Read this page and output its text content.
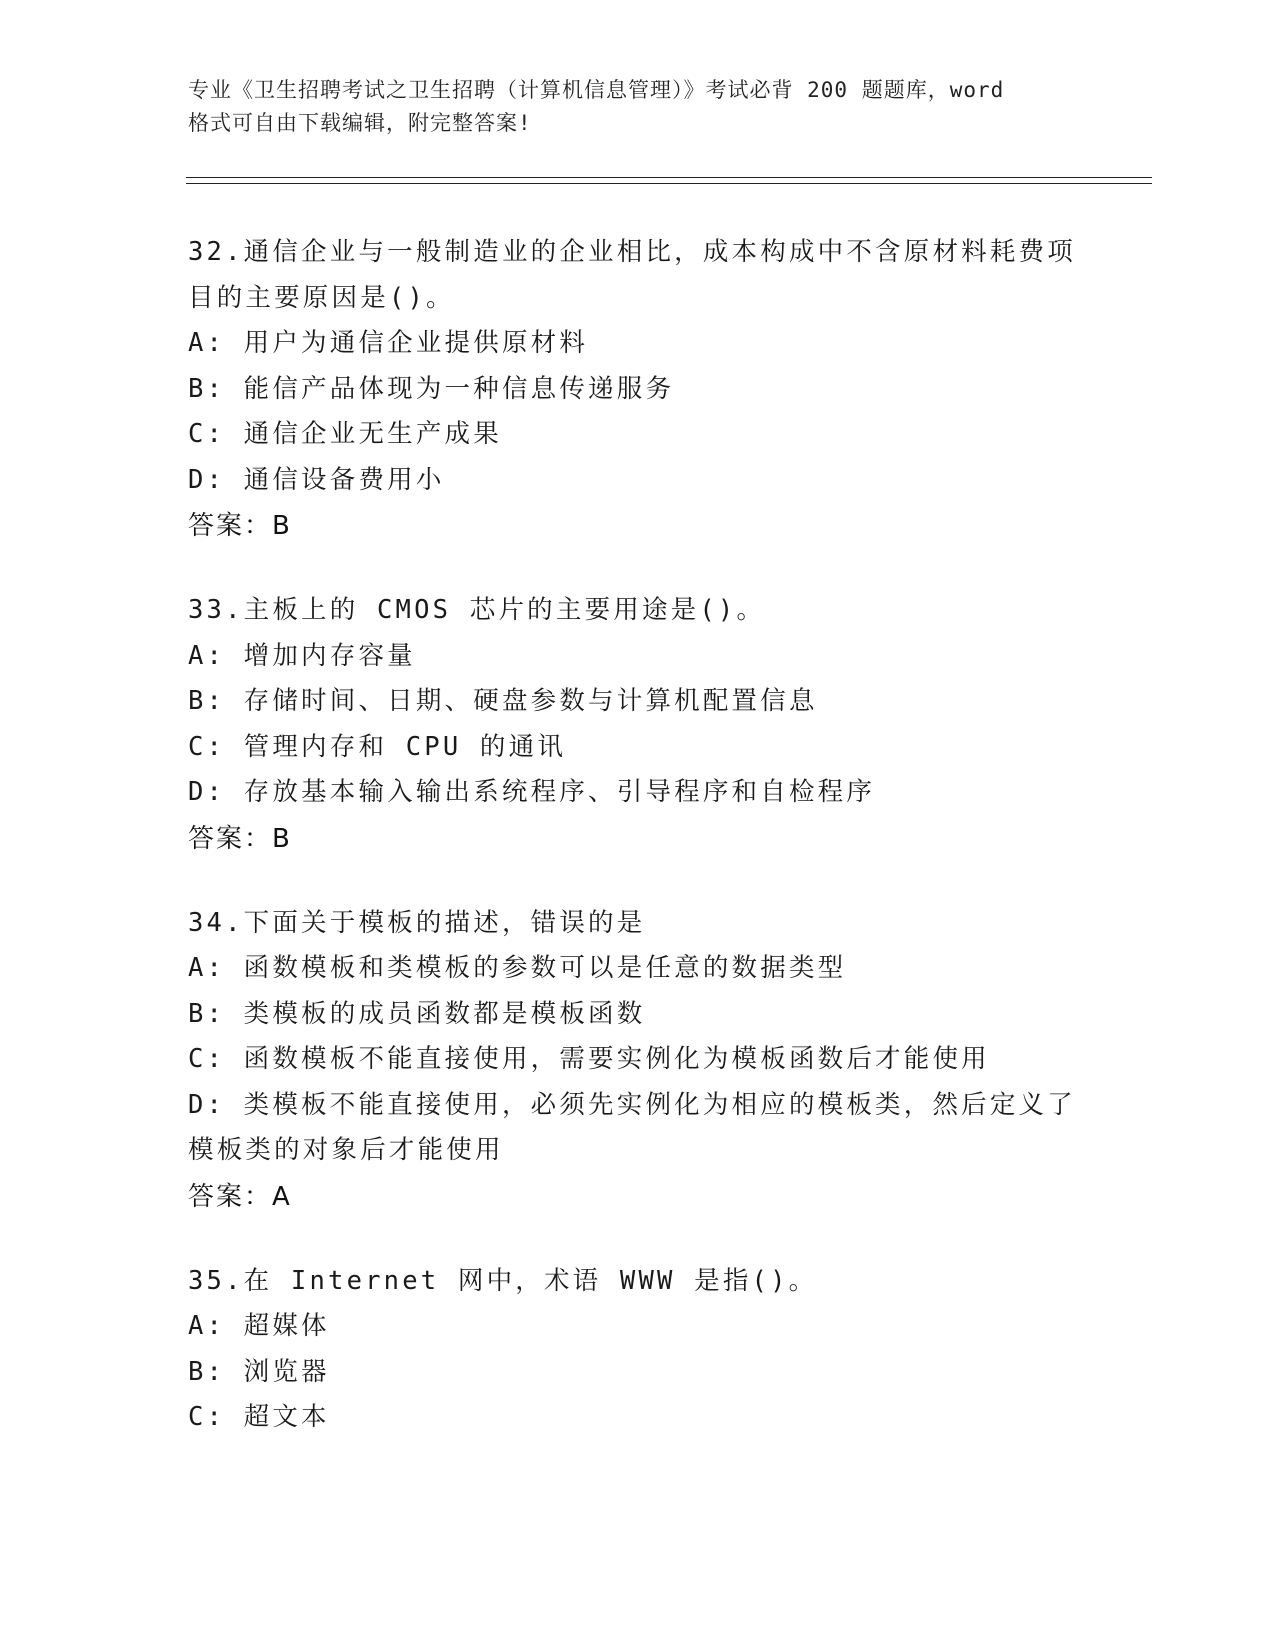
专业《卫生招聘考试之卫生招聘（计算机信息管理）》考试必背 200 题题库，word
格式可自由下载编辑，附完整答案!
32.通信企业与一般制造业的企业相比，成本构成中不含原材料耗费项
目的主要原因是()。
A: 用户为通信企业提供原材料
B: 能信产品体现为一种信息传递服务
C: 通信企业无生产成果
D: 通信设备费用小
答案：B
33.主板上的 CMOS 芯片的主要用途是()。
A: 增加内存容量
B: 存储时间、日期、硬盘参数与计算机配置信息
C: 管理内存和 CPU 的通讯
D: 存放基本输入输出系统程序、引导程序和自检程序
答案：B
34.下面关于模板的描述，错误的是
A: 函数模板和类模板的参数可以是任意的数据类型
B: 类模板的成员函数都是模板函数
C: 函数模板不能直接使用，需要实例化为模板函数后才能使用
D: 类模板不能直接使用，必须先实例化为相应的模板类，然后定义了
模板类的对象后才能使用
答案：A
35.在 Internet 网中，术语 WWW 是指()。
A: 超媒体
B: 浏览器
C: 超文本
